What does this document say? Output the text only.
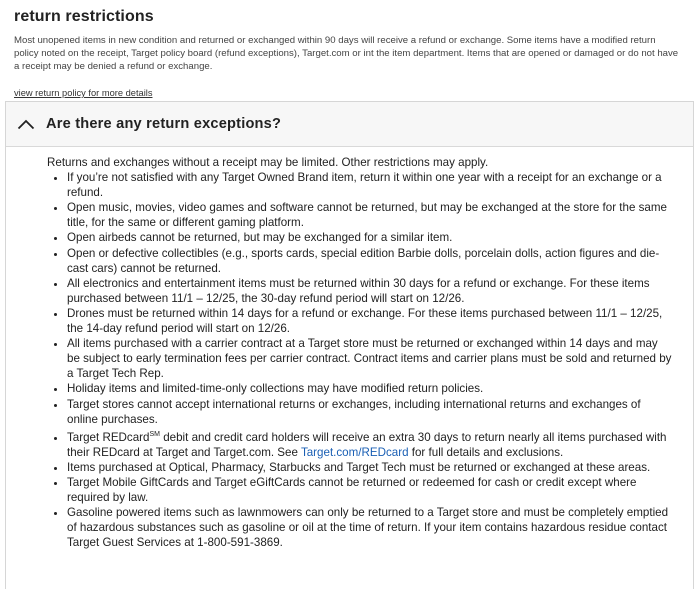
return restrictions

Most unopened items in new condition and returned or exchanged within 90 days will receive a refund or exchange. Some items have a modified return policy noted on the receipt, Target policy board (refund exceptions), Target.com or int the item department. Items that are opened or damaged or do not have a receipt may be denied a refund or exchange.

view return policy for more details
Are there any return exceptions?

Returns and exchanges without a receipt may be limited. Other restrictions may apply.

• If you’re not satisfied with any Target Owned Brand item, return it within one year with a receipt for an exchange or a refund.
• Open music, movies, video games and software cannot be returned, but may be exchanged at the store for the same title, for the same or different gaming platform.
• Open airbeds cannot be returned, but may be exchanged for a similar item.
• Open or defective collectibles (e.g., sports cards, special edition Barbie dolls, porcelain dolls, action figures and die-cast cars) cannot be returned.
• All electronics and entertainment items must be returned within 30 days for a refund or exchange. For these items purchased between 11/1 – 12/25, the 30-day refund period will start on 12/26.
• Drones must be returned within 14 days for a refund or exchange. For these items purchased between 11/1 – 12/25, the 14-day refund period will start on 12/26.
• All items purchased with a carrier contract at a Target store must be returned or exchanged within 14 days and may be subject to early termination fees per carrier contract. Contract items and carrier plans must be sold and returned by a Target Tech Rep.
• Holiday items and limited-time-only collections may have modified return policies.
• Target stores cannot accept international returns or exchanges, including international returns and exchanges of online purchases.
• Target REDcard℠ debit and credit card holders will receive an extra 30 days to return nearly all items purchased with their REDcard at Target and Target.com. See Target.com/REDcard for full details and exclusions.
• Items purchased at Optical, Pharmacy, Starbucks and Target Tech must be returned or exchanged at these areas.
• Target Mobile GiftCards and Target eGiftCards cannot be returned or redeemed for cash or credit except where required by law.
• Gasoline powered items such as lawnmowers can only be returned to a Target store and must be completely emptied of hazardous substances such as gasoline or oil at the time of return. If your item contains hazardous residue contact Target Guest Services at 1-800-591-3869.
